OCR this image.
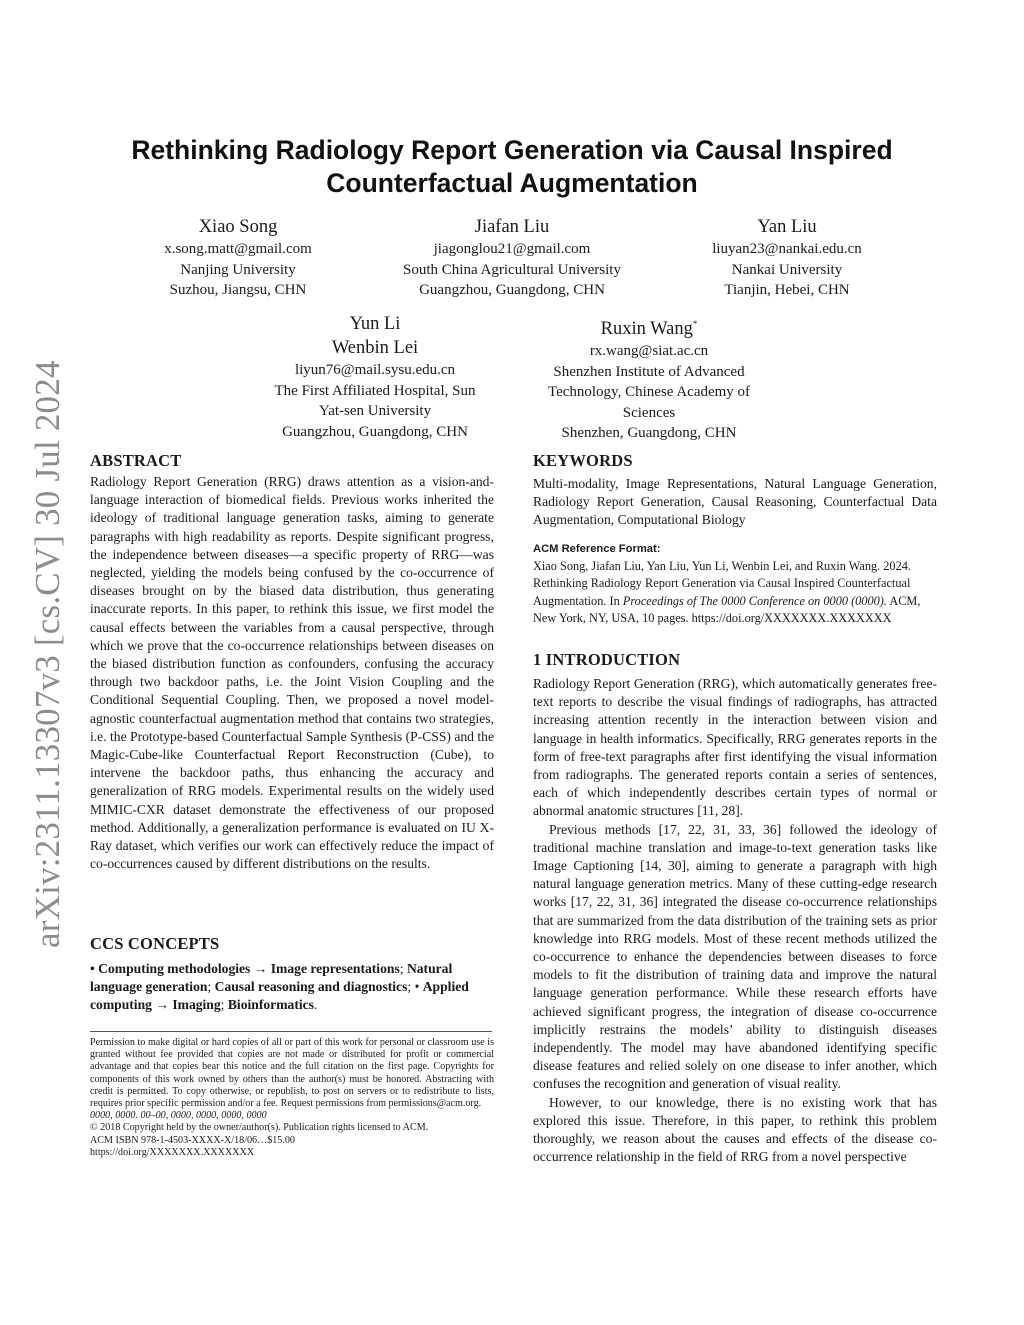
arXiv:2311.13307v3 [cs.CV] 30 Jul 2024
Rethinking Radiology Report Generation via Causal Inspired
Counterfactual Augmentation
Xiao Song
x.song.matt@gmail.com
Nanjing University
Suzhou, Jiangsu, CHN
Jiafan Liu
jiagonglou21@gmail.com
South China Agricultural University
Guangzhou, Guangdong, CHN
Yan Liu
liuyan23@nankai.edu.cn
Nankai University
Tianjin, Hebei, CHN
Yun Li
Wenbin Lei
liyun76@mail.sysu.edu.cn
The First Affiliated Hospital, Sun
Yat-sen University
Guangzhou, Guangdong, CHN
Ruxin Wang*
rx.wang@siat.ac.cn
Shenzhen Institute of Advanced
Technology, Chinese Academy of
Sciences
Shenzhen, Guangdong, CHN
ABSTRACT

Radiology Report Generation (RRG) draws attention as a vision-and-language interaction of biomedical fields. Previous works inherited the ideology of traditional language generation tasks, aiming to generate paragraphs with high readability as reports. Despite significant progress, the independence between diseases—a specific property of RRG—was neglected, yielding the models being confused by the co-occurrence of diseases brought on by the biased data distribution, thus generating inaccurate reports. In this paper, to rethink this issue, we first model the causal effects between the variables from a causal perspective, through which we prove that the co-occurrence relationships between diseases on the biased distribution function as confounders, confusing the accuracy through two backdoor paths, i.e. the Joint Vision Coupling and the Conditional Sequential Coupling. Then, we proposed a novel model-agnostic counterfactual augmentation method that contains two strategies, i.e. the Prototype-based Counterfactual Sample Synthesis (P-CSS) and the Magic-Cube-like Counterfactual Report Reconstruction (Cube), to intervene the backdoor paths, thus enhancing the accuracy and generalization of RRG models. Experimental results on the widely used MIMIC-CXR dataset demonstrate the effectiveness of our proposed method. Additionally, a generalization performance is evaluated on IU X-Ray dataset, which verifies our work can effectively reduce the impact of co-occurrences caused by different distributions on the results.

CCS CONCEPTS
• Computing methodologies → Image representations; Natural language generation; Causal reasoning and diagnostics; • Applied computing → Imaging; Bioinformatics.

Permission to make digital or hard copies of all or part of this work for personal or classroom use is granted without fee provided that copies are not made or distributed for profit or commercial advantage and that copies bear this notice and the full citation on the first page. Copyrights for components of this work owned by others than the author(s) must be honored. Abstracting with credit is permitted. To copy otherwise, or republish, to post on servers or to redistribute to lists, requires prior specific permission and/or a fee. Request permissions from permissions@acm.org.

0000, 0000. 00–00, 0000, 0000, 0000, 0000

© 2018 Copyright held by the owner/author(s). Publication rights licensed to ACM.

ACM ISBN 978-1-4503-XXXX-X/18/06…$15.00

https://doi.org/XXXXXXX.XXXXXXX

KEYWORDS

Multi-modality, Image Representations, Natural Language Generation, Radiology Report Generation, Causal Reasoning, Counterfactual Data Augmentation, Computational Biology

ACM Reference Format:
Xiao Song, Jiafan Liu, Yan Liu, Yun Li, Wenbin Lei, and Ruxin Wang. 2024. Rethinking Radiology Report Generation via Causal Inspired Counterfactual Augmentation. In Proceedings of The 0000 Conference on 0000 (0000). ACM, New York, NY, USA, 10 pages. https://doi.org/XXXXXXX.XXXXXXX
1 INTRODUCTION

Radiology Report Generation (RRG), which automatically generates free-text reports to describe the visual findings of radiographs, has attracted increasing attention recently in the interaction between vision and language in health informatics. Specifically, RRG generates reports in the form of free-text paragraphs after first identifying the visual information from radiographs. The generated reports contain a series of sentences, each of which independently describes certain types of normal or abnormal anatomic structures [11, 28].

Previous methods [17, 22, 31, 33, 36] followed the ideology of traditional machine translation and image-to-text generation tasks like Image Captioning [14, 30], aiming to generate a paragraph with high natural language generation metrics. Many of these cutting-edge research works [17, 22, 31, 36] integrated the disease co-occurrence relationships that are summarized from the data distribution of the training sets as prior knowledge into RRG models. Most of these recent methods utilized the co-occurrence to enhance the dependencies between diseases to force models to fit the distribution of training data and improve the natural language generation performance. While these research efforts have achieved significant progress, the integration of disease co-occurrence implicitly restrains the models’ ability to distinguish diseases independently. The model may have abandoned identifying specific disease features and relied solely on one disease to infer another, which confuses the recognition and generation of visual reality.

However, to our knowledge, there is no existing work that has explored this issue. Therefore, in this paper, to rethink this problem thoroughly, we reason about the causes and effects of the disease co-occurrence relationship in the field of RRG from a novel perspective
